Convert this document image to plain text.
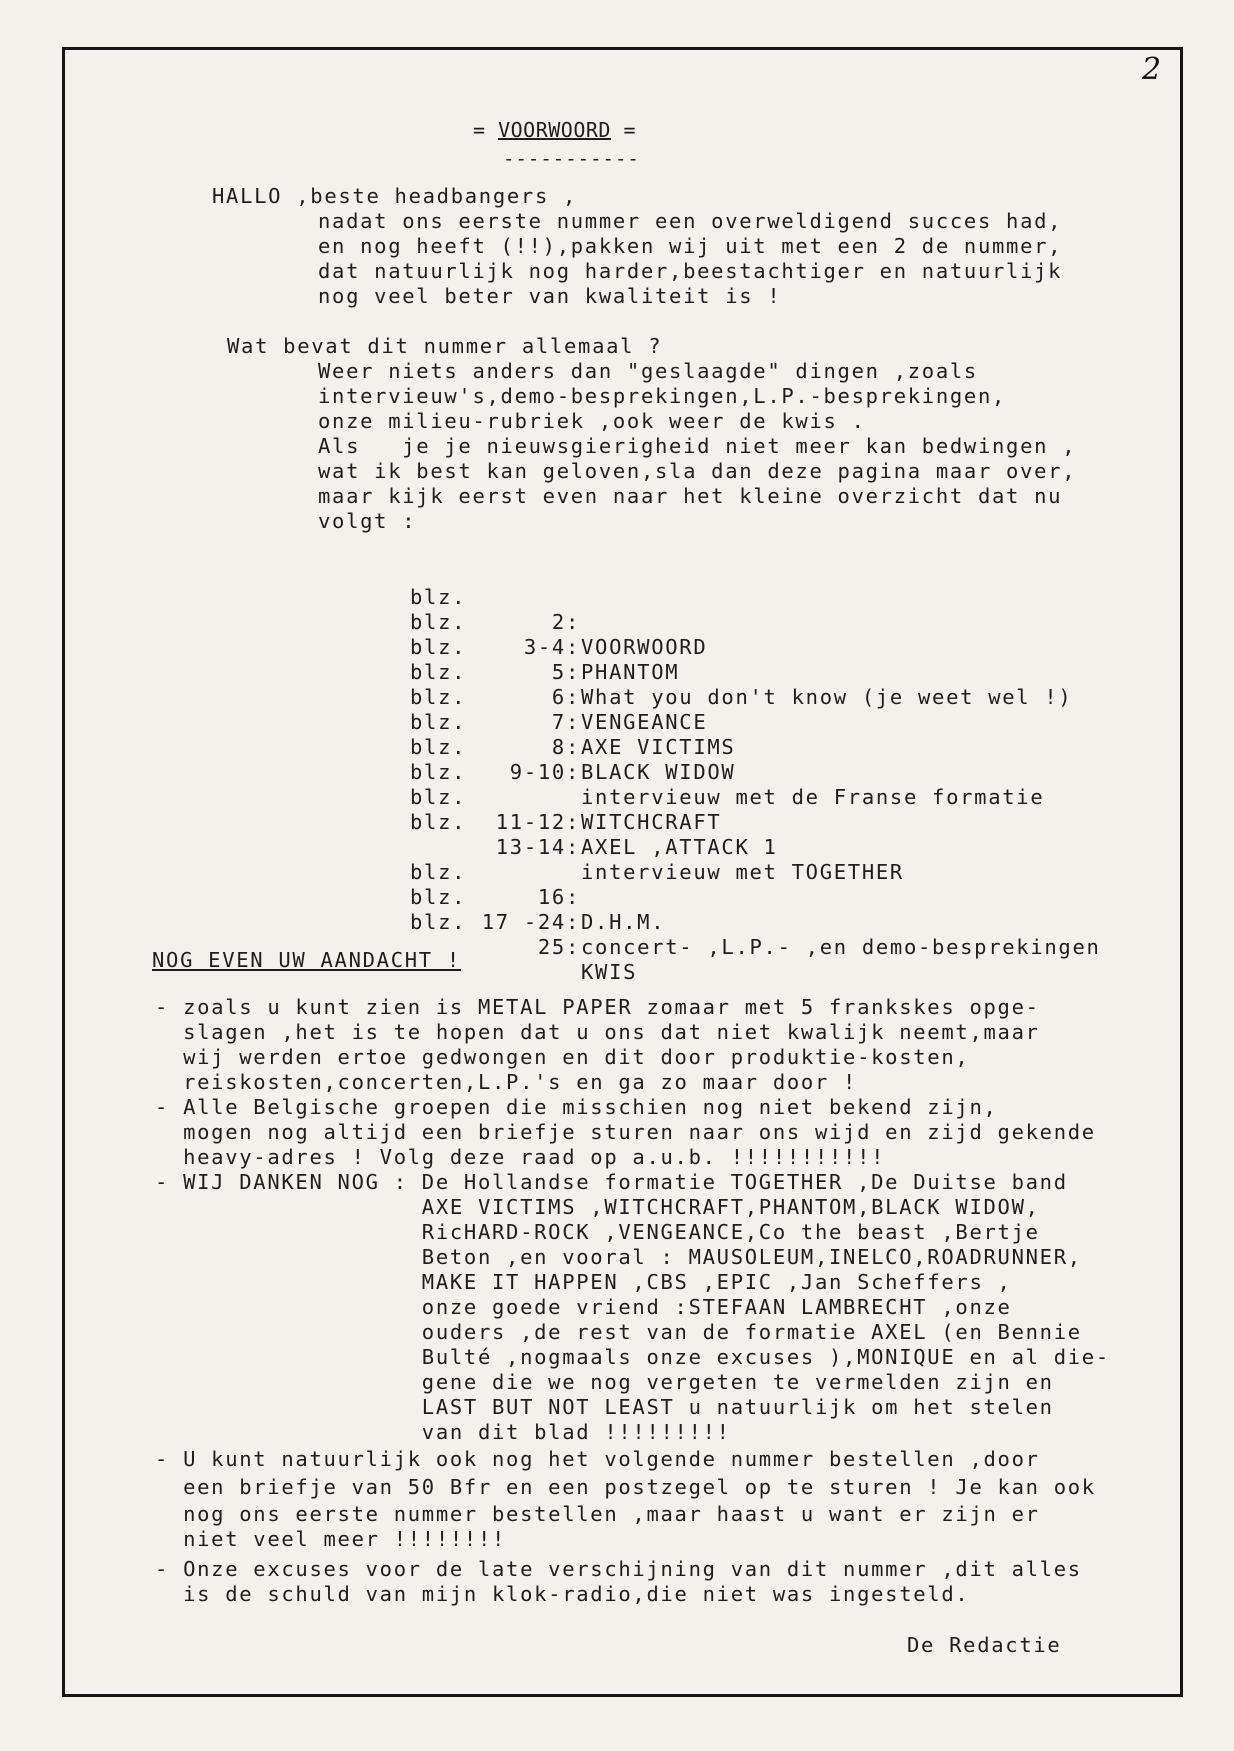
2
= VOORWOORD =
-----------
HALLO ,beste headbangers ,
nadat ons eerste nummer een overweldigend succes had,
en nog heeft (!!),pakken wij uit met een 2 de nummer,
dat natuurlijk nog harder,beestachtiger en natuurlijk
nog veel beter van kwaliteit is !
Wat bevat dit nummer allemaal ?
Weer niets anders dan "geslaagde" dingen ,zoals
intervieuw's,demo-besprekingen,L.P.-besprekingen,
onze milieu-rubriek ,ook weer de kwis .
Als   je je nieuwsgierigheid niet meer kan bedwingen ,
wat ik best kan geloven,sla dan deze pagina maar over,
maar kijk eerst even naar het kleine overzicht dat nu
volgt :

blz.

2:

VOORWOORD

blz.

3-4:

PHANTOM

blz.

5:

What you don't know (je weet wel !)

blz.

6:

VENGEANCE

blz.

7:

AXE VICTIMS

blz.

8:

BLACK WIDOW

blz.

9-10:

intervieuw met de Franse formatie

blz.

WITCHCRAFT

blz.

11-12:

AXEL ,ATTACK 1

blz.

13-14:

intervieuw met TOGETHER

blz.

16:

D.H.M.

blz.

17 -24:

concert- ,L.P.- ,en demo-besprekingen

blz.

25:

KWIS

NOG EVEN UW AANDACHT !
- zoals u kunt zien is METAL PAPER zomaar met 5 frankskes opge-
slagen ,het is te hopen dat u ons dat niet kwalijk neemt,maar
wij werden ertoe gedwongen en dit door produktie-kosten,
reiskosten,concerten,L.P.'s en ga zo maar door !
- Alle Belgische groepen die misschien nog niet bekend zijn,
mogen nog altijd een briefje sturen naar ons wijd en zijd gekende
heavy-adres ! Volg deze raad op a.u.b. !!!!!!!!!!!
- WIJ DANKEN NOG : De Hollandse formatie TOGETHER ,De Duitse band
AXE VICTIMS ,WITCHCRAFT,PHANTOM,BLACK WIDOW,
RicHARD-ROCK ,VENGEANCE,Co the beast ,Bertje
Beton ,en vooral : MAUSOLEUM,INELCO,ROADRUNNER,
MAKE IT HAPPEN ,CBS ,EPIC ,Jan Scheffers ,
onze goede vriend :STEFAAN LAMBRECHT ,onze
ouders ,de rest van de formatie AXEL (en Bennie
Bulté ,nogmaals onze excuses ),MONIQUE en al die-
gene die we nog vergeten te vermelden zijn en
LAST BUT NOT LEAST u natuurlijk om het stelen
van dit blad !!!!!!!!!
- U kunt natuurlijk ook nog het volgende nummer bestellen ,door
een briefje van 50 Bfr en een postzegel op te sturen ! Je kan ook
nog ons eerste nummer bestellen ,maar haast u want er zijn er
niet veel meer !!!!!!!!
- Onze excuses voor de late verschijning van dit nummer ,dit alles
is de schuld van mijn klok-radio,die niet was ingesteld.
De Redactie
